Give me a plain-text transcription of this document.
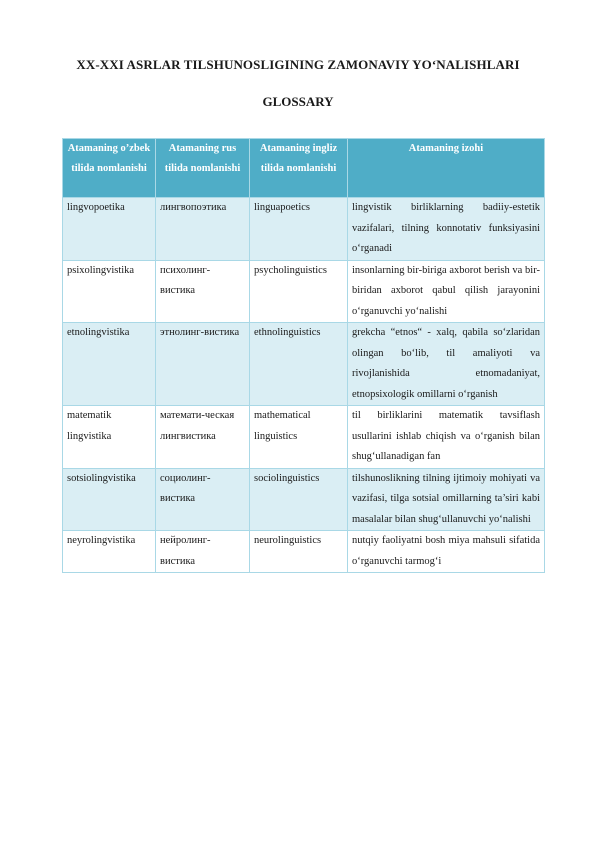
XX-XXI ASRLAR TILSHUNOSLIGINING ZAMONAVIY YO‘NALISHLARI
GLOSSARY
Atamaning o’zbek tilida nomlanishi	Atamaning rus tilida nomlanishi	Atamaning ingliz tilida nomlanishi	Atamaning izohi
lingvopoetika	лингвопоэтика	linguapoetics	lingvistik birliklarning badiiy-estetik vazifalari, tilning konnotativ funksiyasini o‘rganadi
psixolingvistika	психолинг-вистика	psycholinguistics	insonlarning bir-biriga axborot berish va bir-biridan axborot qabul qilish jarayonini o‘rganuvchi yo‘nalishi
etnolingvistika	этнолинг-вистика	ethnolinguistics	grekcha “etnos“ - xalq, qabila so‘zlaridan olingan bo‘lib, til amaliyoti va rivojlanishida etnomadaniyat, etnopsixologik omillarni o‘rganish
matematik lingvistika	математи-ческая лингвистика	mathematical linguistics	til birliklarini matematik tavsiflash usullarini ishlab chiqish va o‘rganish bilan shug‘ullanadigan fan
sotsiolingvistika	социолинг-вистика	sociolinguistics	tilshunoslikning tilning ijtimoiy mohiyati va vazifasi, tilga sotsial omillarning ta’siri kabi masalalar bilan shug‘ullanuvchi yo‘nalishi
neyrolingvistika	нейролинг-вистика	neurolinguistics	nutqiy faoliyatni bosh miya mahsuli sifatida o‘rganuvchi tarmog‘i
